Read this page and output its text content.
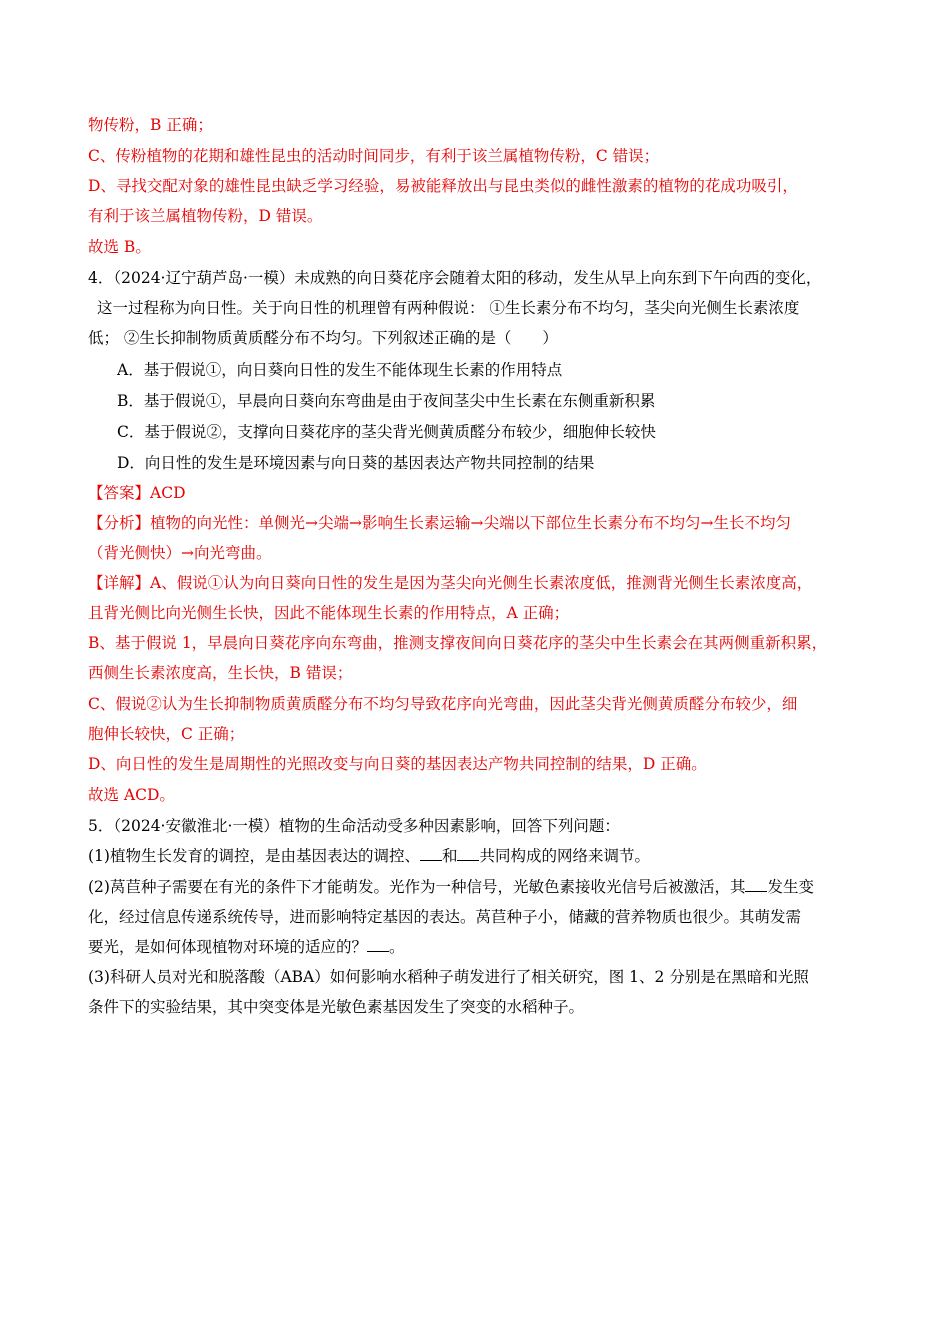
物传粉，B 正确；
C、传粉植物的花期和雄性昆虫的活动时间同步，有利于该兰属植物传粉，C 错误；
D、寻找交配对象的雄性昆虫缺乏学习经验，易被能释放出与昆虫类似的雌性激素的植物的花成功吸引，
有利于该兰属植物传粉，D 错误。
故选 B。
4．（2024·辽宁葫芦岛·一模）未成熟的向日葵花序会随着太阳的移动，发生从早上向东到下午向西的变化，
这一过程称为向日性。关于向日性的机理曾有两种假说： ①生长素分布不均匀，茎尖向光侧生长素浓度
低； ②生长抑制物质黄质醛分布不均匀。下列叙述正确的是（　　）
A．基于假说①，向日葵向日性的发生不能体现生长素的作用特点
B．基于假说①，早晨向日葵向东弯曲是由于夜间茎尖中生长素在东侧重新积累
C．基于假说②，支撑向日葵花序的茎尖背光侧黄质醛分布较少，细胞伸长较快
D．向日性的发生是环境因素与向日葵的基因表达产物共同控制的结果
【答案】ACD
【分析】植物的向光性：单侧光→尖端→影响生长素运输→尖端以下部位生长素分布不均匀→生长不均匀
（背光侧快）→向光弯曲。
【详解】A、假说①认为向日葵向日性的发生是因为茎尖向光侧生长素浓度低，推测背光侧生长素浓度高，
且背光侧比向光侧生长快，因此不能体现生长素的作用特点，A 正确；
B、基于假说 1，早晨向日葵花序向东弯曲，推测支撑夜间向日葵花序的茎尖中生长素会在其两侧重新积累，
西侧生长素浓度高，生长快，B 错误；
C、假说②认为生长抑制物质黄质醛分布不均匀导致花序向光弯曲，因此茎尖背光侧黄质醛分布较少，细
胞伸长较快，C 正确；
D、向日性的发生是周期性的光照改变与向日葵的基因表达产物共同控制的结果，D 正确。
故选 ACD。
5．（2024·安徽淮北·一模）植物的生命活动受多种因素影响，回答下列问题：
(1)植物生长发育的调控，是由基因表达的调控、 和 共同构成的网络来调节。
(2)莴苣种子需要在有光的条件下才能萌发。光作为一种信号，光敏色素接收光信号后被激活，其 发生变
化，经过信息传递系统传导，进而影响特定基因的表达。莴苣种子小，储藏的营养物质也很少。其萌发需
要光，是如何体现植物对环境的适应的？ 。
(3)科研人员对光和脱落酸（ABA）如何影响水稻种子萌发进行了相关研究，图 1、2 分别是在黑暗和光照
条件下的实验结果，其中突变体是光敏色素基因发生了突变的水稻种子。
